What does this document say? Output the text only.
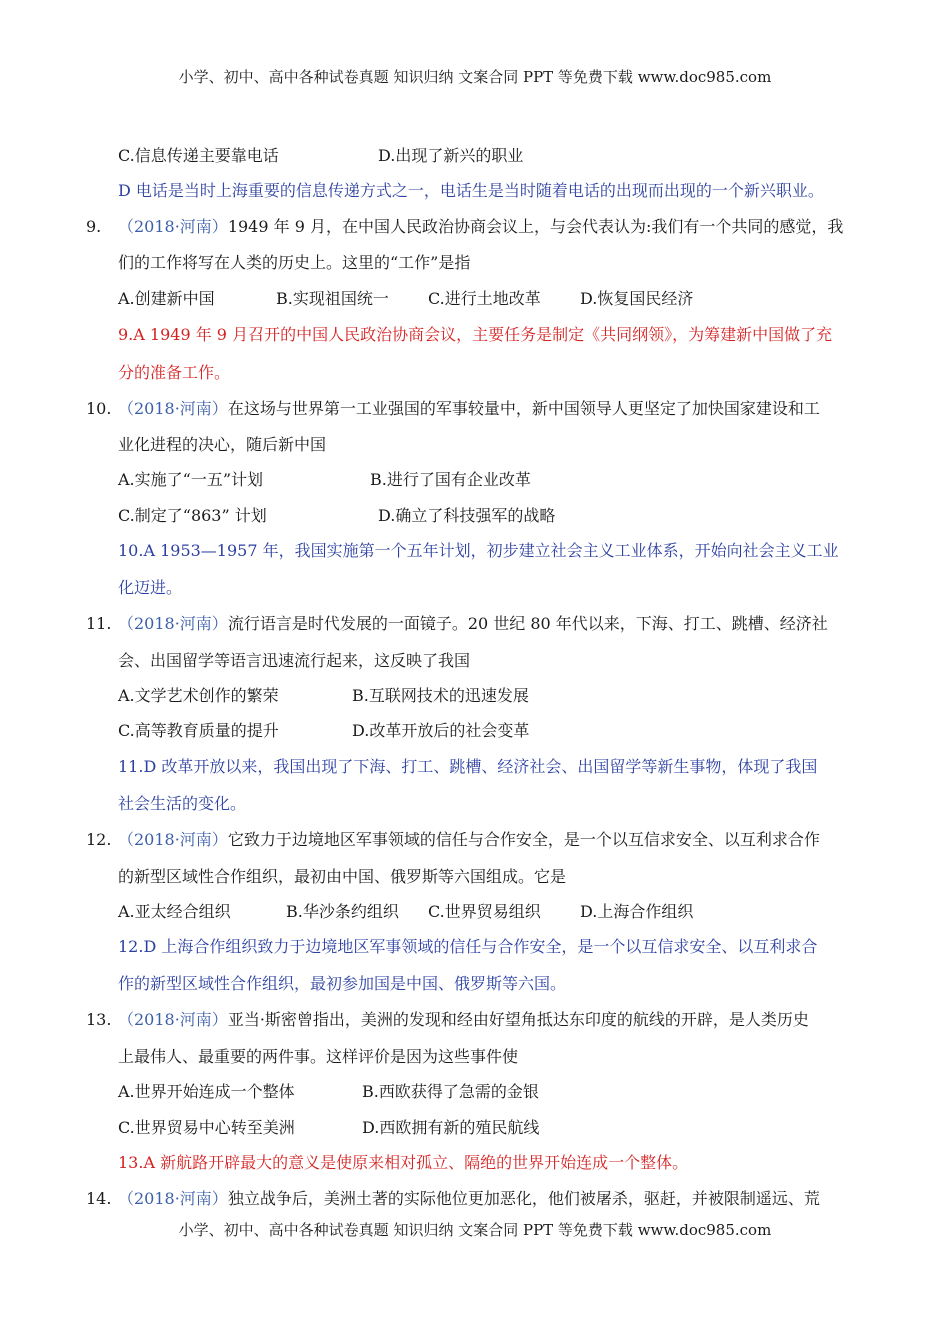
小学、初中、高中各种试卷真题 知识归纳 文案合同 PPT 等免费下载 www.doc985.com
C.信息传递主要靠电话	D.出现了新兴的职业
D 电话是当时上海重要的信息传递方式之一，电话生是当时随着电话的出现而出现的一个新兴职业。
9. （2018·河南）1949 年 9 月，在中国人民政治协商会议上，与会代表认为:我们有一个共同的感觉，我
们的工作将写在人类的历史上。这里的“工作”是指
A.创建新中国	B.实现祖国统一 C.进行土地改革 D.恢复国民经济
9.A 1949 年 9 月召开的中国人民政治协商会议，主要任务是制定《共同纲领》，为筹建新中国做了充
分的准备工作。
10. （2018·河南）在这场与世界第一工业强国的军事较量中，新中国领导人更坚定了加快国家建设和工
业化进程的决心，随后新中国
A.实施了“一五”计划	B.进行了国有企业改革
C.制定了“863” 计划	D.确立了科技强军的战略
10.A 1953—1957 年，我国实施第一个五年计划，初步建立社会主义工业体系，开始向社会主义工业
化迈进。
11. （2018·河南）流行语言是时代发展的一面镜子。20 世纪 80 年代以来，下海、打工、跳槽、经济社
会、出国留学等语言迅速流行起来，这反映了我国
A.文学艺术创作的繁荣	B.互联网技术的迅速发展
C.高等教育质量的提升	D.改革开放后的社会变革
11.D 改革开放以来，我国出现了下海、打工、跳槽、经济社会、出国留学等新生事物，体现了我国
社会生活的变化。
12. （2018·河南）它致力于边境地区军事领域的信任与合作安全，是一个以互信求安全、以互利求合作
的新型区域性合作组织，最初由中国、俄罗斯等六国组成。它是
A.亚太经合组织	B.华沙条约组织 C.世界贸易组织 D.上海合作组织
12.D 上海合作组织致力于边境地区军事领域的信任与合作安全，是一个以互信求安全、以互利求合
作的新型区域性合作组织，最初参加国是中国、俄罗斯等六国。
13. （2018·河南）亚当·斯密曾指出，美洲的发现和经由好望角抵达东印度的航线的开辟，是人类历史
上最伟人、最重要的两件事。这样评价是因为这些事件使
A.世界开始连成一个整体	B.西欧获得了急需的金银
C.世界贸易中心转至美洲	D.西欧拥有新的殖民航线
13.A 新航路开辟最大的意义是使原来相对孤立、隔绝的世界开始连成一个整体。
14. （2018·河南）独立战争后，美洲土著的实际他位更加恶化，他们被屠杀，驱赶，并被限制遥远、荒
小学、初中、高中各种试卷真题 知识归纳 文案合同 PPT 等免费下载 www.doc985.com
